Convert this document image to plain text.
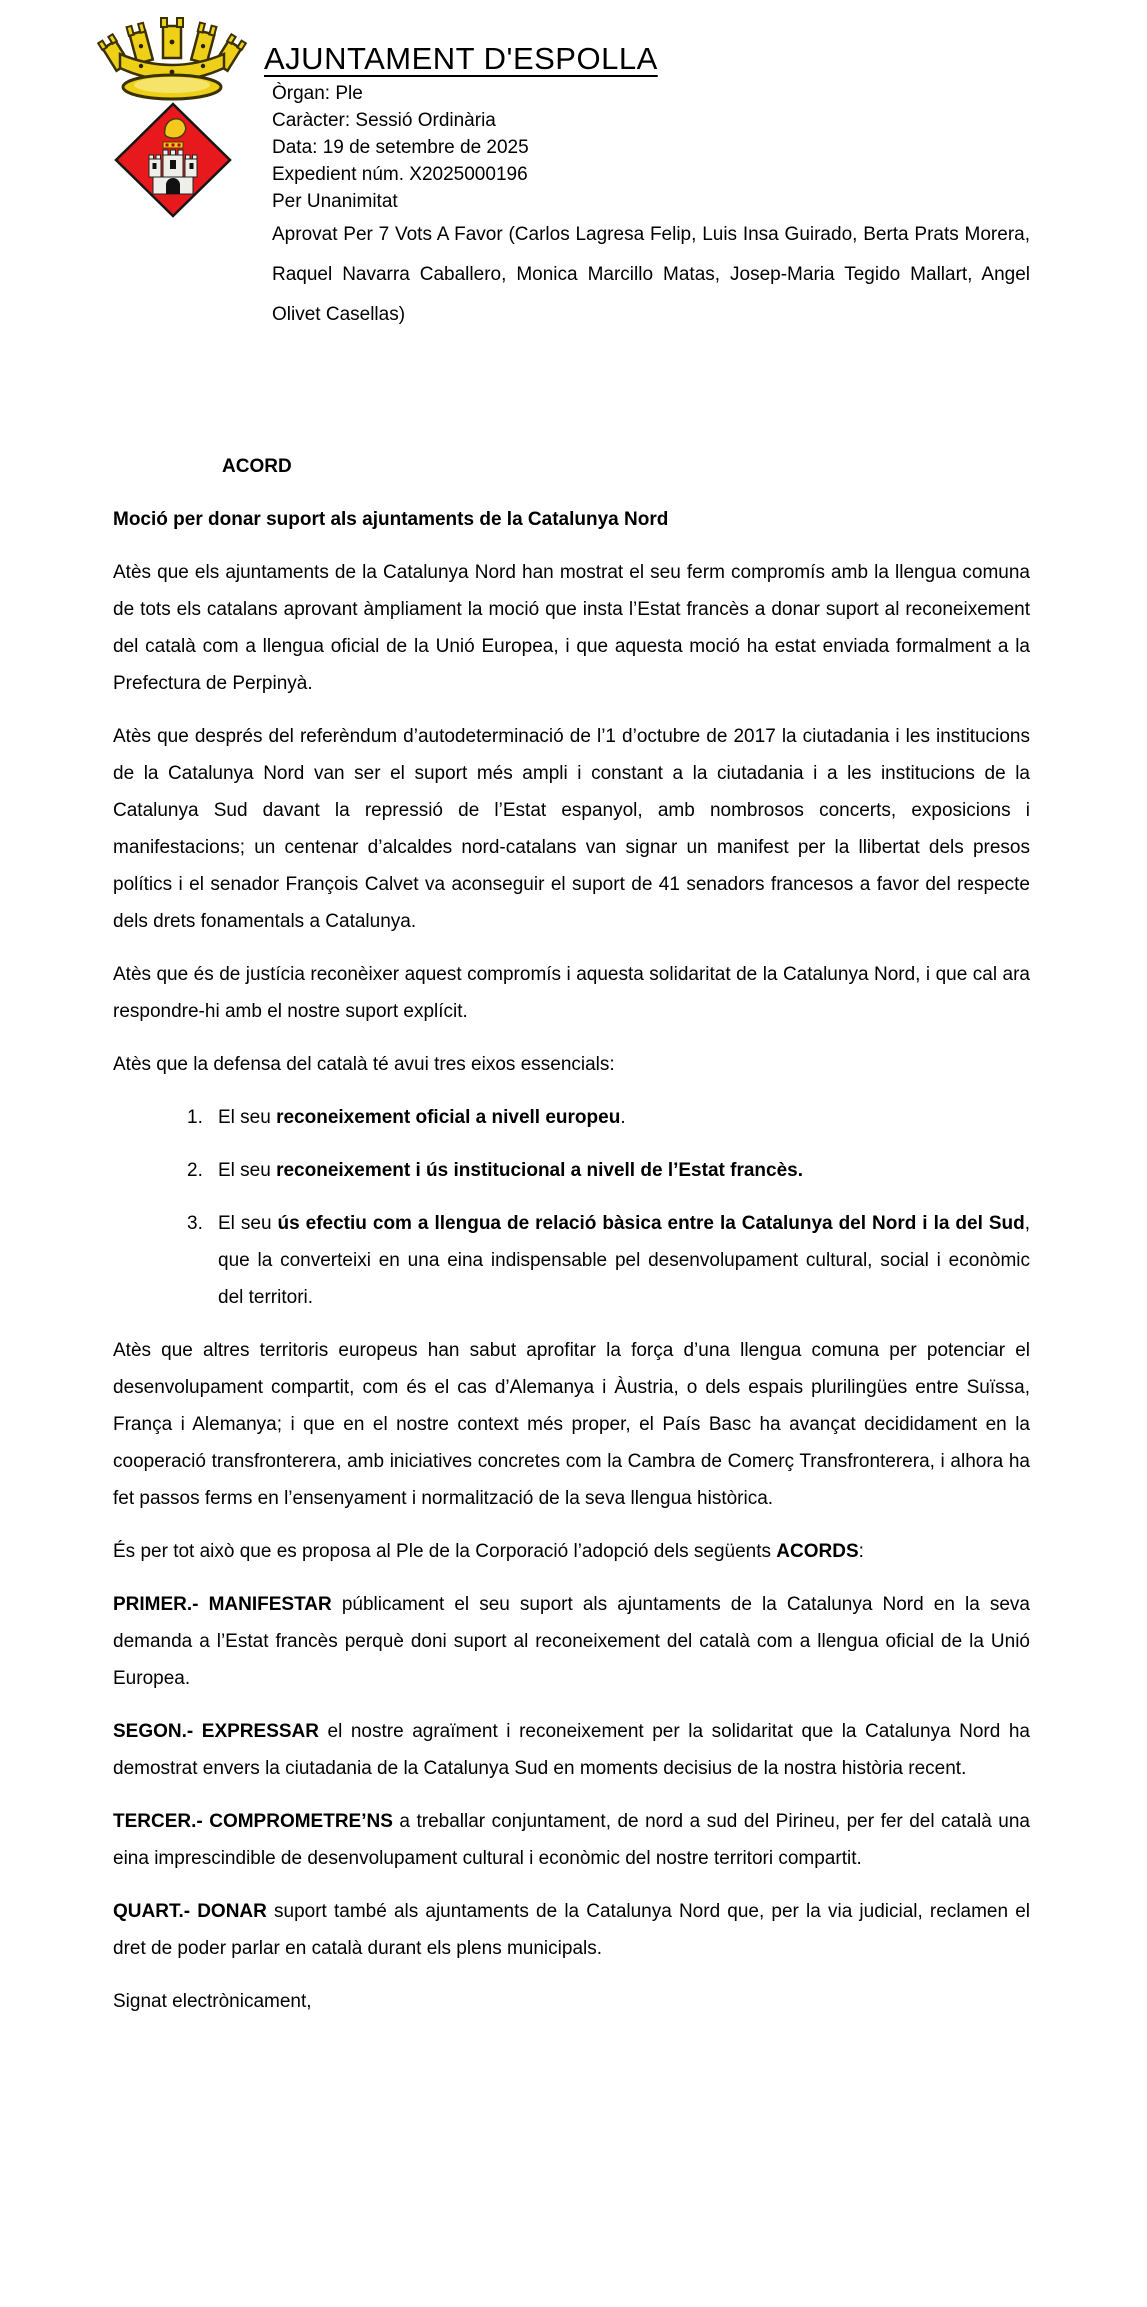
AJUNTAMENT D'ESPOLLA
Òrgan: Ple
Caràcter: Sessió Ordinària
Data: 19 de setembre de 2025
Expedient núm. X2025000196
Per Unanimitat

Aprovat Per 7 Vots A Favor (Carlos Lagresa Felip, Luis Insa Guirado, Berta Prats Morera, Raquel Navarra Caballero, Monica Marcillo Matas, Josep-Maria Tegido Mallart, Angel Olivet Casellas)

ACORD

Moció per donar suport als ajuntaments de la Catalunya Nord

Atès que els ajuntaments de la Catalunya Nord han mostrat el seu ferm compromís amb la llengua comuna de tots els catalans aprovant àmpliament la moció que insta l’Estat francès a donar suport al reconeixement del català com a llengua oficial de la Unió Europea, i que aquesta moció ha estat enviada formalment a la Prefectura de Perpinyà.

Atès que després del referèndum d’autodeterminació de l’1 d’octubre de 2017 la ciutadania i les institucions de la Catalunya Nord van ser el suport més ampli i constant a la ciutadania i a les institucions de la Catalunya Sud davant la repressió de l’Estat espanyol, amb nombrosos concerts, exposicions i manifestacions; un centenar d’alcaldes nord-catalans van signar un manifest per la llibertat dels presos polítics i el senador François Calvet va aconseguir el suport de 41 senadors francesos a favor del respecte dels drets fonamentals a Catalunya.

Atès que és de justícia reconèixer aquest compromís i aquesta solidaritat de la Catalunya Nord, i que cal ara respondre-hi amb el nostre suport explícit.

Atès que la defensa del català té avui tres eixos essencials:

1. El seu reconeixement oficial a nivell europeu.
2. El seu reconeixement i ús institucional a nivell de l’Estat francès.
3. El seu ús efectiu com a llengua de relació bàsica entre la Catalunya del Nord i la del Sud, que la converteixi en una eina indispensable pel desenvolupament cultural, social i econòmic del territori.

Atès que altres territoris europeus han sabut aprofitar la força d’una llengua comuna per potenciar el desenvolupament compartit, com és el cas d’Alemanya i Àustria, o dels espais plurilingües entre Suïssa, França i Alemanya; i que en el nostre context més proper, el País Basc ha avançat decididament en la cooperació transfronterera, amb iniciatives concretes com la Cambra de Comerç Transfronterera, i alhora ha fet passos ferms en l’ensenyament i normalització de la seva llengua històrica.

És per tot això que es proposa al Ple de la Corporació l’adopció dels següents ACORDS:

PRIMER.- MANIFESTAR públicament el seu suport als ajuntaments de la Catalunya Nord en la seva demanda a l’Estat francès perquè doni suport al reconeixement del català com a llengua oficial de la Unió Europea.

SEGON.- EXPRESSAR el nostre agraïment i reconeixement per la solidaritat que la Catalunya Nord ha demostrat envers la ciutadania de la Catalunya Sud en moments decisius de la nostra història recent.

TERCER.- COMPROMETRE’NS a treballar conjuntament, de nord a sud del Pirineu, per fer del català una eina imprescindible de desenvolupament cultural i econòmic del nostre territori compartit.

QUART.- DONAR suport també als ajuntaments de la Catalunya Nord que, per la via judicial, reclamen el dret de poder parlar en català durant els plens municipals.

Signat electrònicament,
